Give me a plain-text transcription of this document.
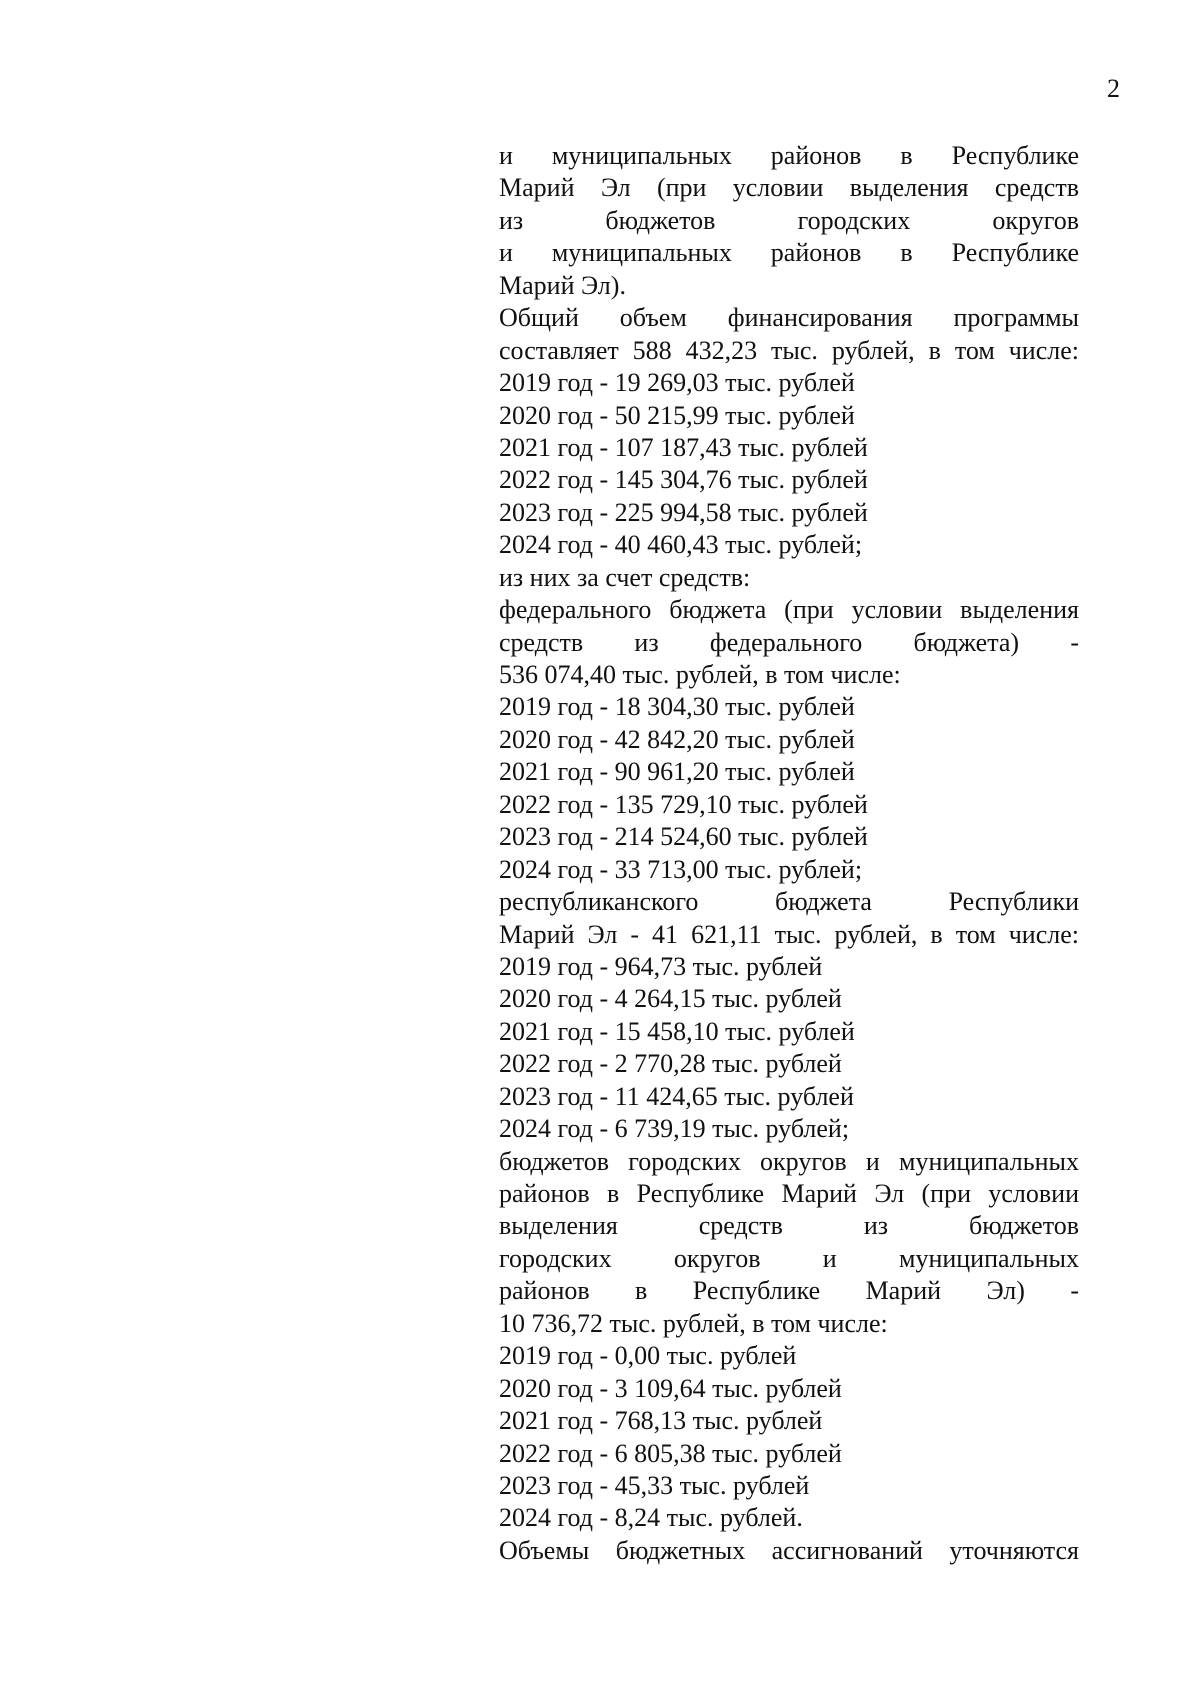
2
и муниципальных районов в Республике
Марий Эл (при условии выделения средств
из бюджетов городских округов
и муниципальных районов в Республике
Марий Эл).
Общий объем финансирования программы
составляет 588 432,23 тыс. рублей, в том числе:
2019 год - 19 269,03 тыс. рублей
2020 год - 50 215,99 тыс. рублей
2021 год - 107 187,43 тыс. рублей
2022 год - 145 304,76 тыс. рублей
2023 год - 225 994,58 тыс. рублей
2024 год - 40 460,43 тыс. рублей;
из них за счет средств:
федерального бюджета (при условии выделения
средств из федерального бюджета) -
536 074,40 тыс. рублей, в том числе:
2019 год - 18 304,30 тыс. рублей
2020 год - 42 842,20 тыс. рублей
2021 год - 90 961,20 тыс. рублей
2022 год - 135 729,10 тыс. рублей
2023 год - 214 524,60 тыс. рублей
2024 год - 33 713,00 тыс. рублей;
республиканского бюджета Республики
Марий Эл - 41 621,11 тыс. рублей, в том числе:
2019 год - 964,73 тыс. рублей
2020 год - 4 264,15 тыс. рублей
2021 год - 15 458,10 тыс. рублей
2022 год - 2 770,28 тыс. рублей
2023 год - 11 424,65 тыс. рублей
2024 год - 6 739,19 тыс. рублей;
бюджетов городских округов и муниципальных
районов в Республике Марий Эл (при условии
выделения средств из бюджетов
городских округов и муниципальных
районов в Республике Марий Эл) -
10 736,72 тыс. рублей, в том числе:
2019 год - 0,00 тыс. рублей
2020 год - 3 109,64 тыс. рублей
2021 год - 768,13 тыс. рублей
2022 год - 6 805,38 тыс. рублей
2023 год - 45,33 тыс. рублей
2024 год - 8,24 тыс. рублей.
Объемы бюджетных ассигнований уточняются
